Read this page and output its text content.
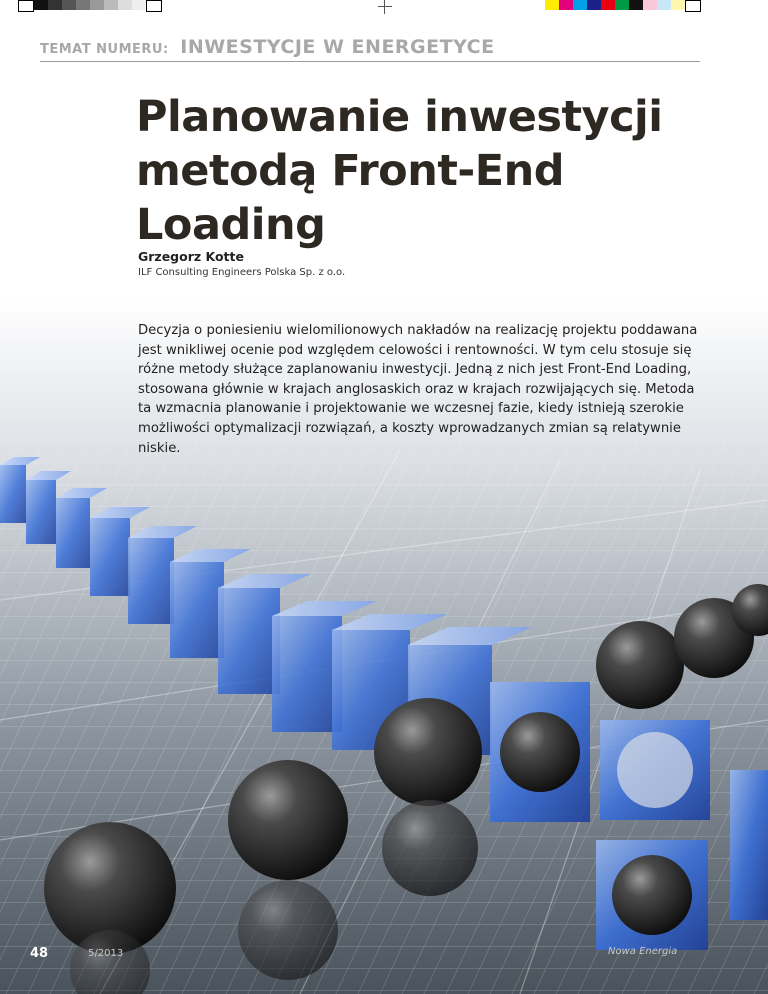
TEMAT NUMERU: INWESTYCJE W ENERGETYCE
Planowanie inwestycji
metodą Front-End Loading
Grzegorz Kotte
ILF Consulting Engineers Polska Sp. z o.o.

Decyzja o poniesieniu wielomilionowych nakładów na realizację projektu poddawana jest wnikliwej ocenie pod względem celowości i rentowności. W tym celu stosuje się różne metody służące zaplanowaniu inwestycji. Jedną z nich jest Front-End Loading, stosowana głównie w krajach anglosaskich oraz w krajach rozwijających się. Metoda ta wzmacnia planowanie i projektowanie we wczesnej fazie, kiedy istnieją szerokie możliwości optymalizacji rozwiązań, a koszty wprowadzanych zmian są relatywnie niskie.

48	5/2013	Nowa Energia
